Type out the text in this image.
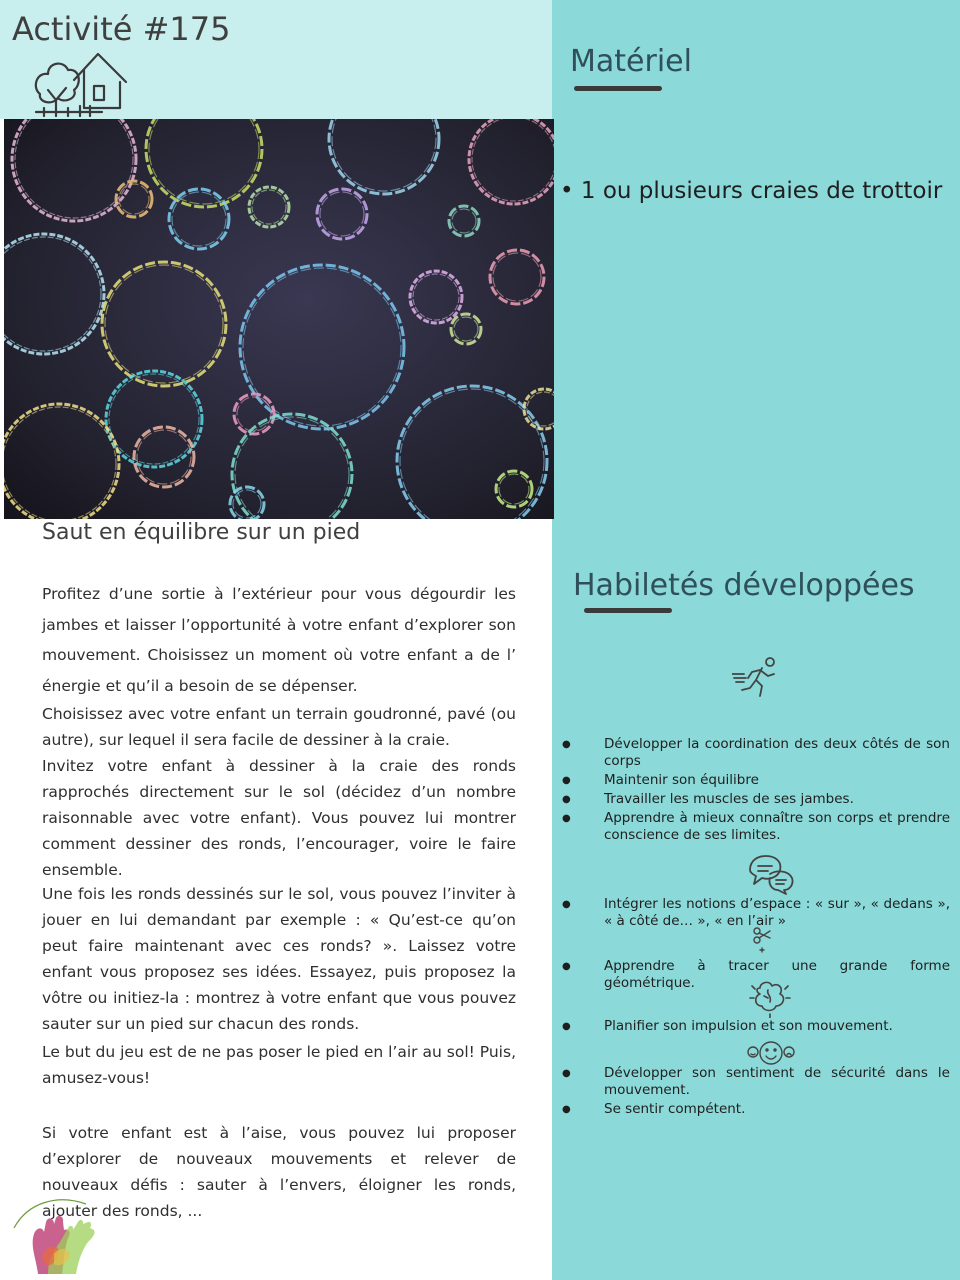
Activité #175
Saut en équilibre sur un pied
Profitez d’une sortie à l’extérieur pour vous dégourdir les jambes et laisser l’opportunité à votre enfant d’explorer son mouvement. Choisissez un moment où votre enfant a de l’ énergie et qu’il a besoin de se dépenser.
Choisissez avec votre enfant un terrain goudronné, pavé (ou autre), sur lequel il sera facile de dessiner à la craie.
Invitez votre enfant à dessiner à la craie des ronds rapprochés directement sur le sol (décidez d’un nombre raisonnable avec votre enfant). Vous pouvez lui montrer comment dessiner des ronds, l’encourager, voire le faire ensemble.
Une fois les ronds dessinés sur le sol, vous pouvez l’inviter à jouer en lui demandant par exemple : « Qu’est-ce qu’on peut faire maintenant avec ces ronds? ». Laissez votre enfant vous proposez ses idées. Essayez, puis proposez la vôtre ou initiez-la : montrez à votre enfant que vous pouvez sauter sur un pied sur chacun des ronds.
Le but du jeu est de ne pas poser le pied en l’air au sol! Puis, amusez-vous!
Si votre enfant est à l’aise, vous pouvez lui proposer d’explorer de nouveaux mouvements et relever de nouveaux défis : sauter à l’envers, éloigner les ronds, ajouter des ronds, ...
Matériel
• 1 ou plusieurs craies de trottoir
Habiletés développées
● Développer la coordination des deux côtés de son corps
● Maintenir son équilibre
● Travailler les muscles de ses jambes.
● Apprendre à mieux connaître son corps et prendre conscience de ses limites.
● Intégrer les notions d’espace : « sur », « dedans », « à côté de… », « en l’air »
● Apprendre à tracer une grande forme géométrique.
● Planifier son impulsion et son mouvement.
● Développer son sentiment de sécurité dans le mouvement.
● Se sentir compétent.
